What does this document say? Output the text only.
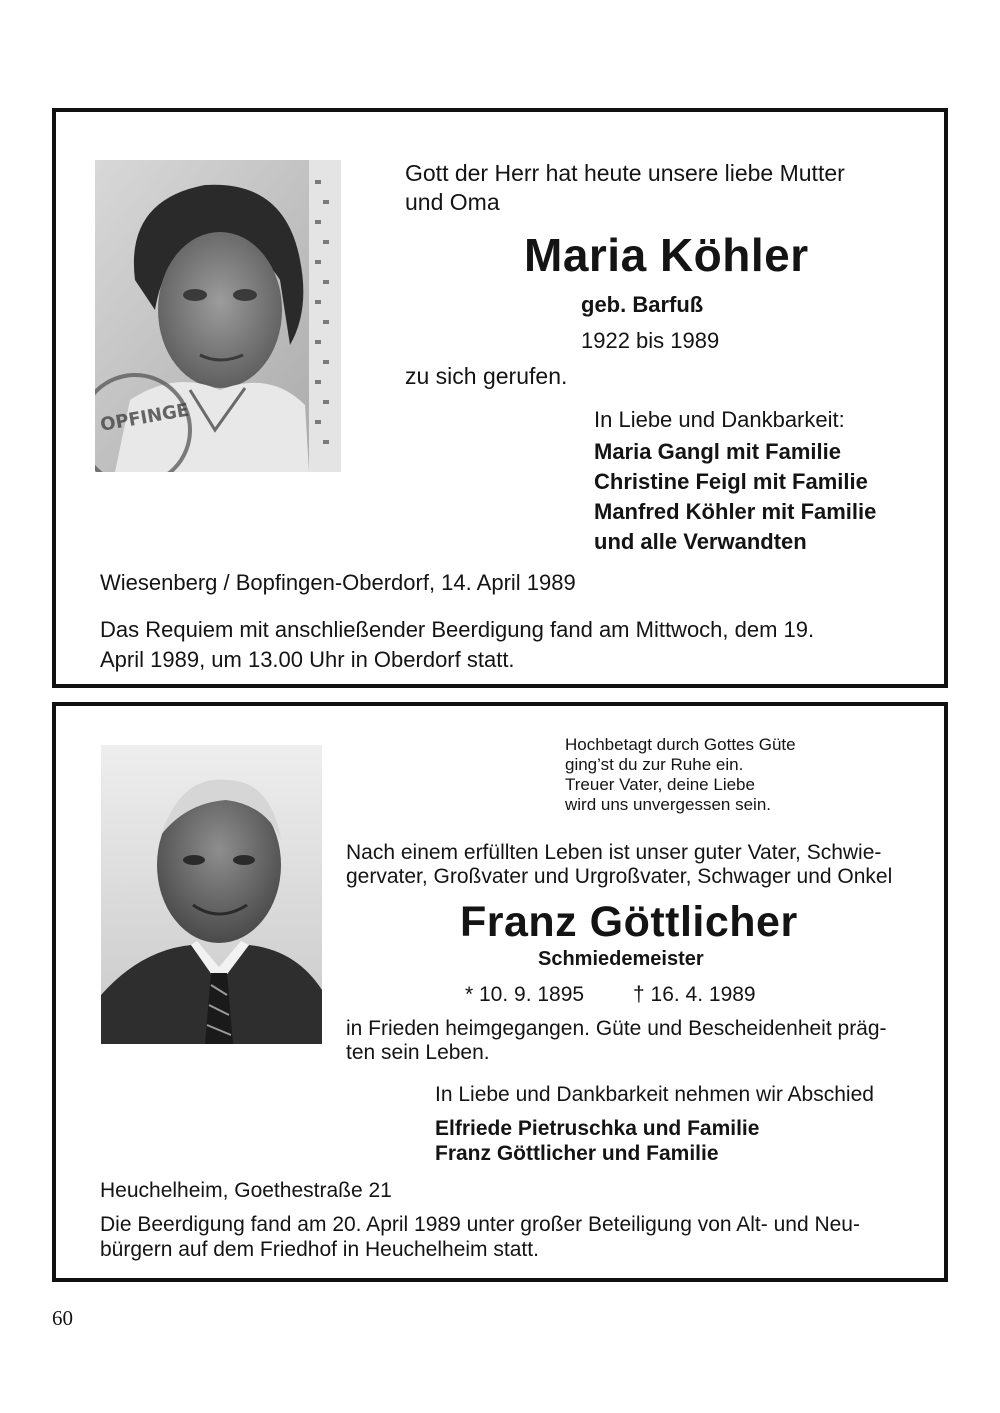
OPFINGE

Gott der Herr hat heute unsere liebe Mutter

und Oma

Maria Köhler

geb. Barfuß

1922 bis 1989

zu sich gerufen.

In Liebe und Dankbarkeit:

Maria Gangl mit Familie
Christine Feigl mit Familie
Manfred Köhler mit Familie
und alle Verwandten

Wiesenberg / Bopfingen-Oberdorf, 14. April 1989

Das Requiem mit anschließender Beerdigung fand am Mittwoch, dem 19.

April 1989, um 13.00 Uhr in Oberdorf statt.

Hochbetagt durch Gottes Güte
ging’st du zur Ruhe ein.
Treuer Vater, deine Liebe
wird uns unvergessen sein.

Nach einem erfüllten Leben ist unser guter Vater, Schwie-

gervater, Großvater und Urgroßvater, Schwager und Onkel

Franz Göttlicher

Schmiedemeister

* 10. 9. 1895 † 16. 4. 1989

in Frieden heimgegangen. Güte und Bescheidenheit präg-

ten sein Leben.

In Liebe und Dankbarkeit nehmen wir Abschied

Elfriede Pietruschka und Familie
Franz Göttlicher und Familie

Heuchelheim, Goethestraße 21

Die Beerdigung fand am 20. April 1989 unter großer Beteiligung von Alt- und Neu-

bürgern auf dem Friedhof in Heuchelheim statt.

60
